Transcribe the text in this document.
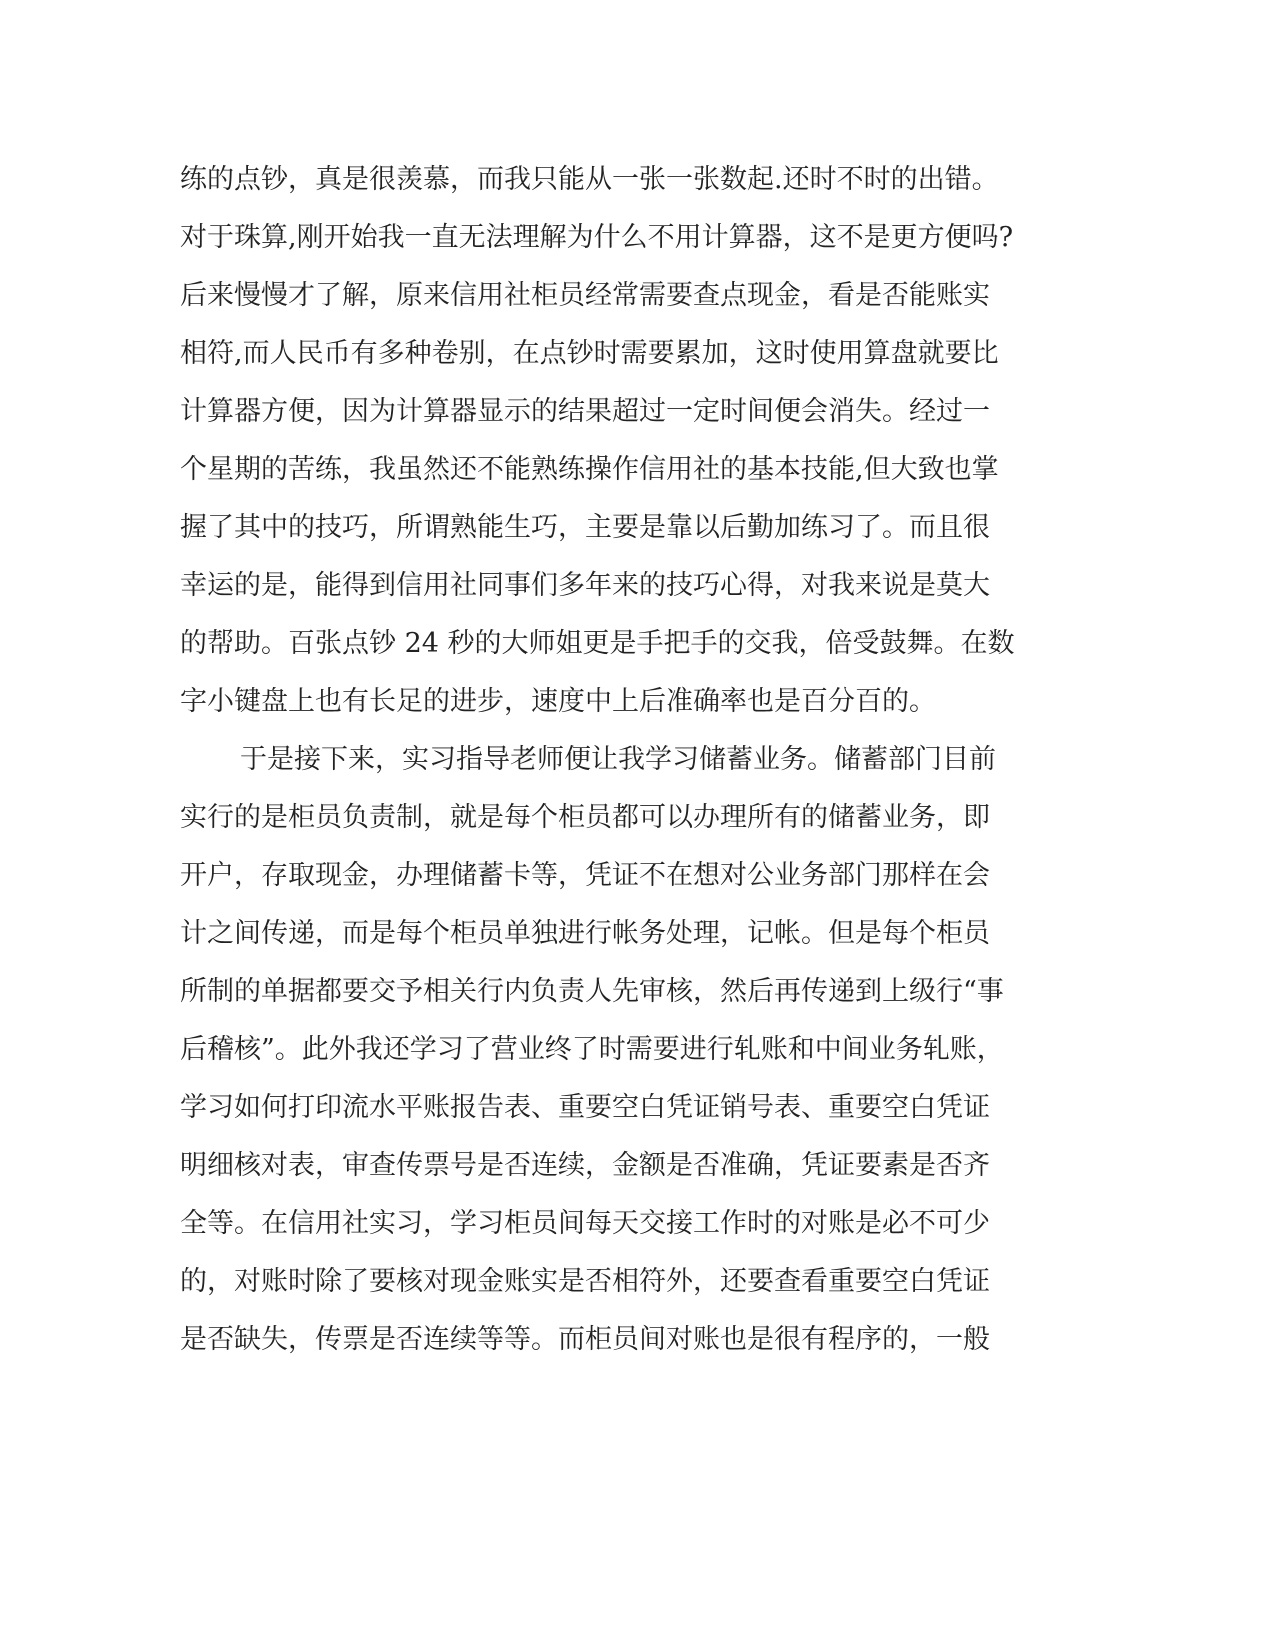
练的点钞，真是很羡慕，而我只能从一张一张数起.还时不时的出错。
对于珠算,刚开始我一直无法理解为什么不用计算器，这不是更方便吗?
后来慢慢才了解，原来信用社柜员经常需要查点现金，看是否能账实
相符,而人民币有多种卷别，在点钞时需要累加，这时使用算盘就要比
计算器方便，因为计算器显示的结果超过一定时间便会消失。经过一
个星期的苦练，我虽然还不能熟练操作信用社的基本技能,但大致也掌
握了其中的技巧，所谓熟能生巧，主要是靠以后勤加练习了。而且很
幸运的是，能得到信用社同事们多年来的技巧心得，对我来说是莫大
的帮助。百张点钞 24 秒的大师姐更是手把手的交我，倍受鼓舞。在数
字小键盘上也有长足的进步，速度中上后准确率也是百分百的。
于是接下来，实习指导老师便让我学习储蓄业务。储蓄部门目前
实行的是柜员负责制，就是每个柜员都可以办理所有的储蓄业务，即
开户，存取现金，办理储蓄卡等，凭证不在想对公业务部门那样在会
计之间传递，而是每个柜员单独进行帐务处理，记帐。但是每个柜员
所制的单据都要交予相关行内负责人先审核，然后再传递到上级行“事
后稽核”。此外我还学习了营业终了时需要进行轧账和中间业务轧账，
学习如何打印流水平账报告表、重要空白凭证销号表、重要空白凭证
明细核对表，审查传票号是否连续，金额是否准确，凭证要素是否齐
全等。在信用社实习，学习柜员间每天交接工作时的对账是必不可少
的，对账时除了要核对现金账实是否相符外，还要查看重要空白凭证
是否缺失，传票是否连续等等。而柜员间对账也是很有程序的，一般
